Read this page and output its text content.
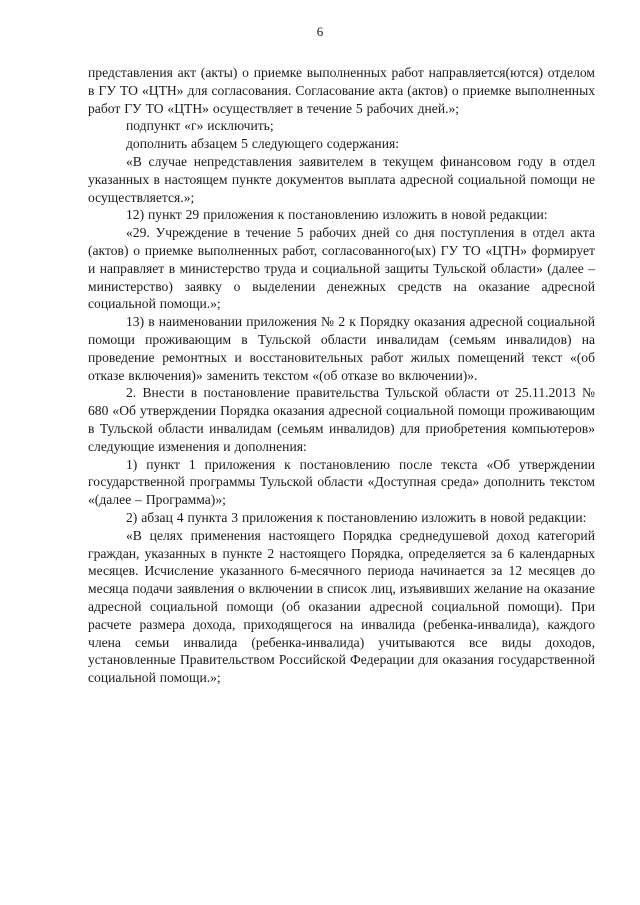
6

представления акт (акты) о приемке выполненных работ направляется(ются) отделом в ГУ ТО «ЦТН» для согласования. Согласование акта (актов) о приемке выполненных работ ГУ ТО «ЦТН» осуществляет в течение 5 рабочих дней.»;

подпункт «г» исключить;

дополнить абзацем 5 следующего содержания:

«В случае непредставления заявителем в текущем финансовом году в отдел указанных в настоящем пункте документов выплата адресной социальной помощи не осуществляется.»;

12) пункт 29 приложения к постановлению изложить в новой редакции:

«29. Учреждение в течение 5 рабочих дней со дня поступления в отдел акта (актов) о приемке выполненных работ, согласованного(ых) ГУ ТО «ЦТН» формирует и направляет в министерство труда и социальной защиты Тульской области» (далее – министерство) заявку о выделении денежных средств на оказание адресной социальной помощи.»;

13) в наименовании приложения № 2 к Порядку оказания адресной социальной помощи проживающим в Тульской области инвалидам (семьям инвалидов) на проведение ремонтных и восстановительных работ жилых помещений текст «(об отказе включения)» заменить текстом «(об отказе во включении)».

2. Внести в постановление правительства Тульской области от 25.11.2013 № 680 «Об утверждении Порядка оказания адресной социальной помощи проживающим в Тульской области инвалидам (семьям инвалидов) для приобретения компьютеров» следующие изменения и дополнения:

1) пункт 1 приложения к постановлению после текста «Об утверждении государственной программы Тульской области «Доступная среда» дополнить текстом «(далее – Программа)»;

2) абзац 4 пункта 3 приложения к постановлению изложить в новой редакции:

«В целях применения настоящего Порядка среднедушевой доход категорий граждан, указанных в пункте 2 настоящего Порядка, определяется за 6 календарных месяцев. Исчисление указанного 6-месячного периода начинается за 12 месяцев до месяца подачи заявления о включении в список лиц, изъявивших желание на оказание адресной социальной помощи (об оказании адресной социальной помощи). При расчете размера дохода, приходящегося на инвалида (ребенка-инвалида), каждого члена семьи инвалида (ребенка-инвалида) учитываются все виды доходов, установленные Правительством Российской Федерации для оказания государственной социальной помощи.»;
